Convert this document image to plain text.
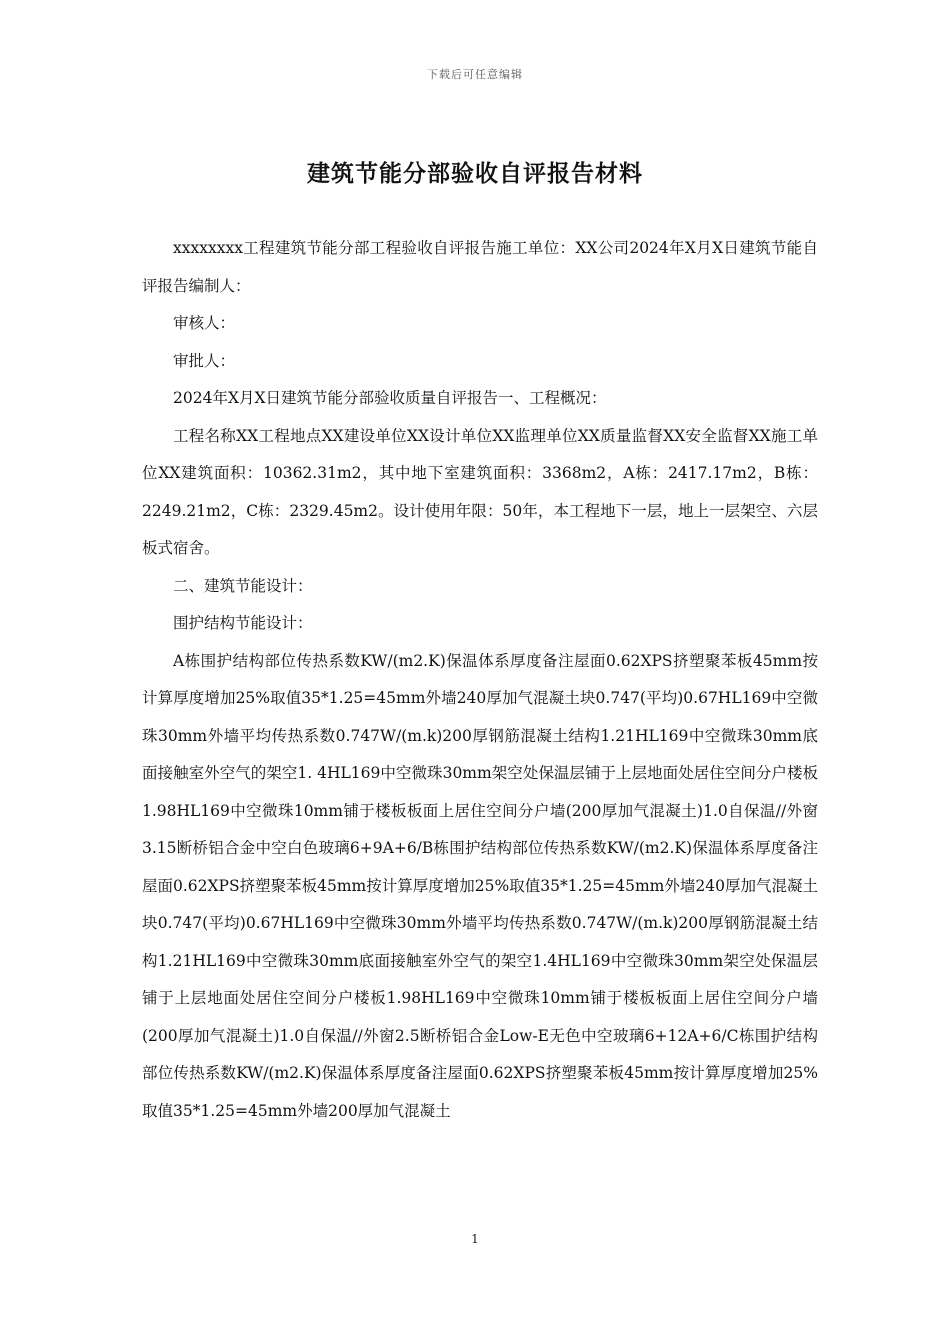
下载后可任意编辑
建筑节能分部验收自评报告材料

xxxxxxxx工程建筑节能分部工程验收自评报告施工单位：XX公司2024年X月X日建筑节能自评报告编制人：

审核人：

审批人：

2024年X月X日建筑节能分部验收质量自评报告一、工程概况：

工程名称XX工程地点XX建设单位XX设计单位XX监理单位XX质量监督XX安全监督XX施工单位XX建筑面积：10362.31m2，其中地下室建筑面积：3368m2，A栋：2417.17m2，B栋：2249.21m2，C栋：2329.45m2。设计使用年限：50年，本工程地下一层，地上一层架空、六层板式宿舍。

二、建筑节能设计：

围护结构节能设计：

A栋围护结构部位传热系数KW/(m2.K)保温体系厚度备注屋面0.62XPS挤塑聚苯板45mm按计算厚度增加25%取值35*1.25=45mm外墙240厚加气混凝土块0.747(平均)0.67HL169中空微珠30mm外墙平均传热系数0.747W/(m.k)200厚钢筋混凝土结构1.21HL169中空微珠30mm底面接触室外空气的架空1. 4HL169中空微珠30mm架空处保温层铺于上层地面处居住空间分户楼板1.98HL169中空微珠10mm铺于楼板板面上居住空间分户墙(200厚加气混凝土)1.0自保温//外窗3.15断桥铝合金中空白色玻璃6+9A+6/B栋围护结构部位传热系数KW/(m2.K)保温体系厚度备注屋面0.62XPS挤塑聚苯板45mm按计算厚度增加25%取值35*1.25=45mm外墙240厚加气混凝土块0.747(平均)0.67HL169中空微珠30mm外墙平均传热系数0.747W/(m.k)200厚钢筋混凝土结构1.21HL169中空微珠30mm底面接触室外空气的架空1.4HL169中空微珠30mm架空处保温层铺于上层地面处居住空间分户楼板1.98HL169中空微珠10mm铺于楼板板面上居住空间分户墙(200厚加气混凝土)1.0自保温//外窗2.5断桥铝合金Low-E无色中空玻璃6+12A+6/C栋围护结构部位传热系数KW/(m2.K)保温体系厚度备注屋面0.62XPS挤塑聚苯板45mm按计算厚度增加25%取值35*1.25=45mm外墙200厚加气混凝土

1
